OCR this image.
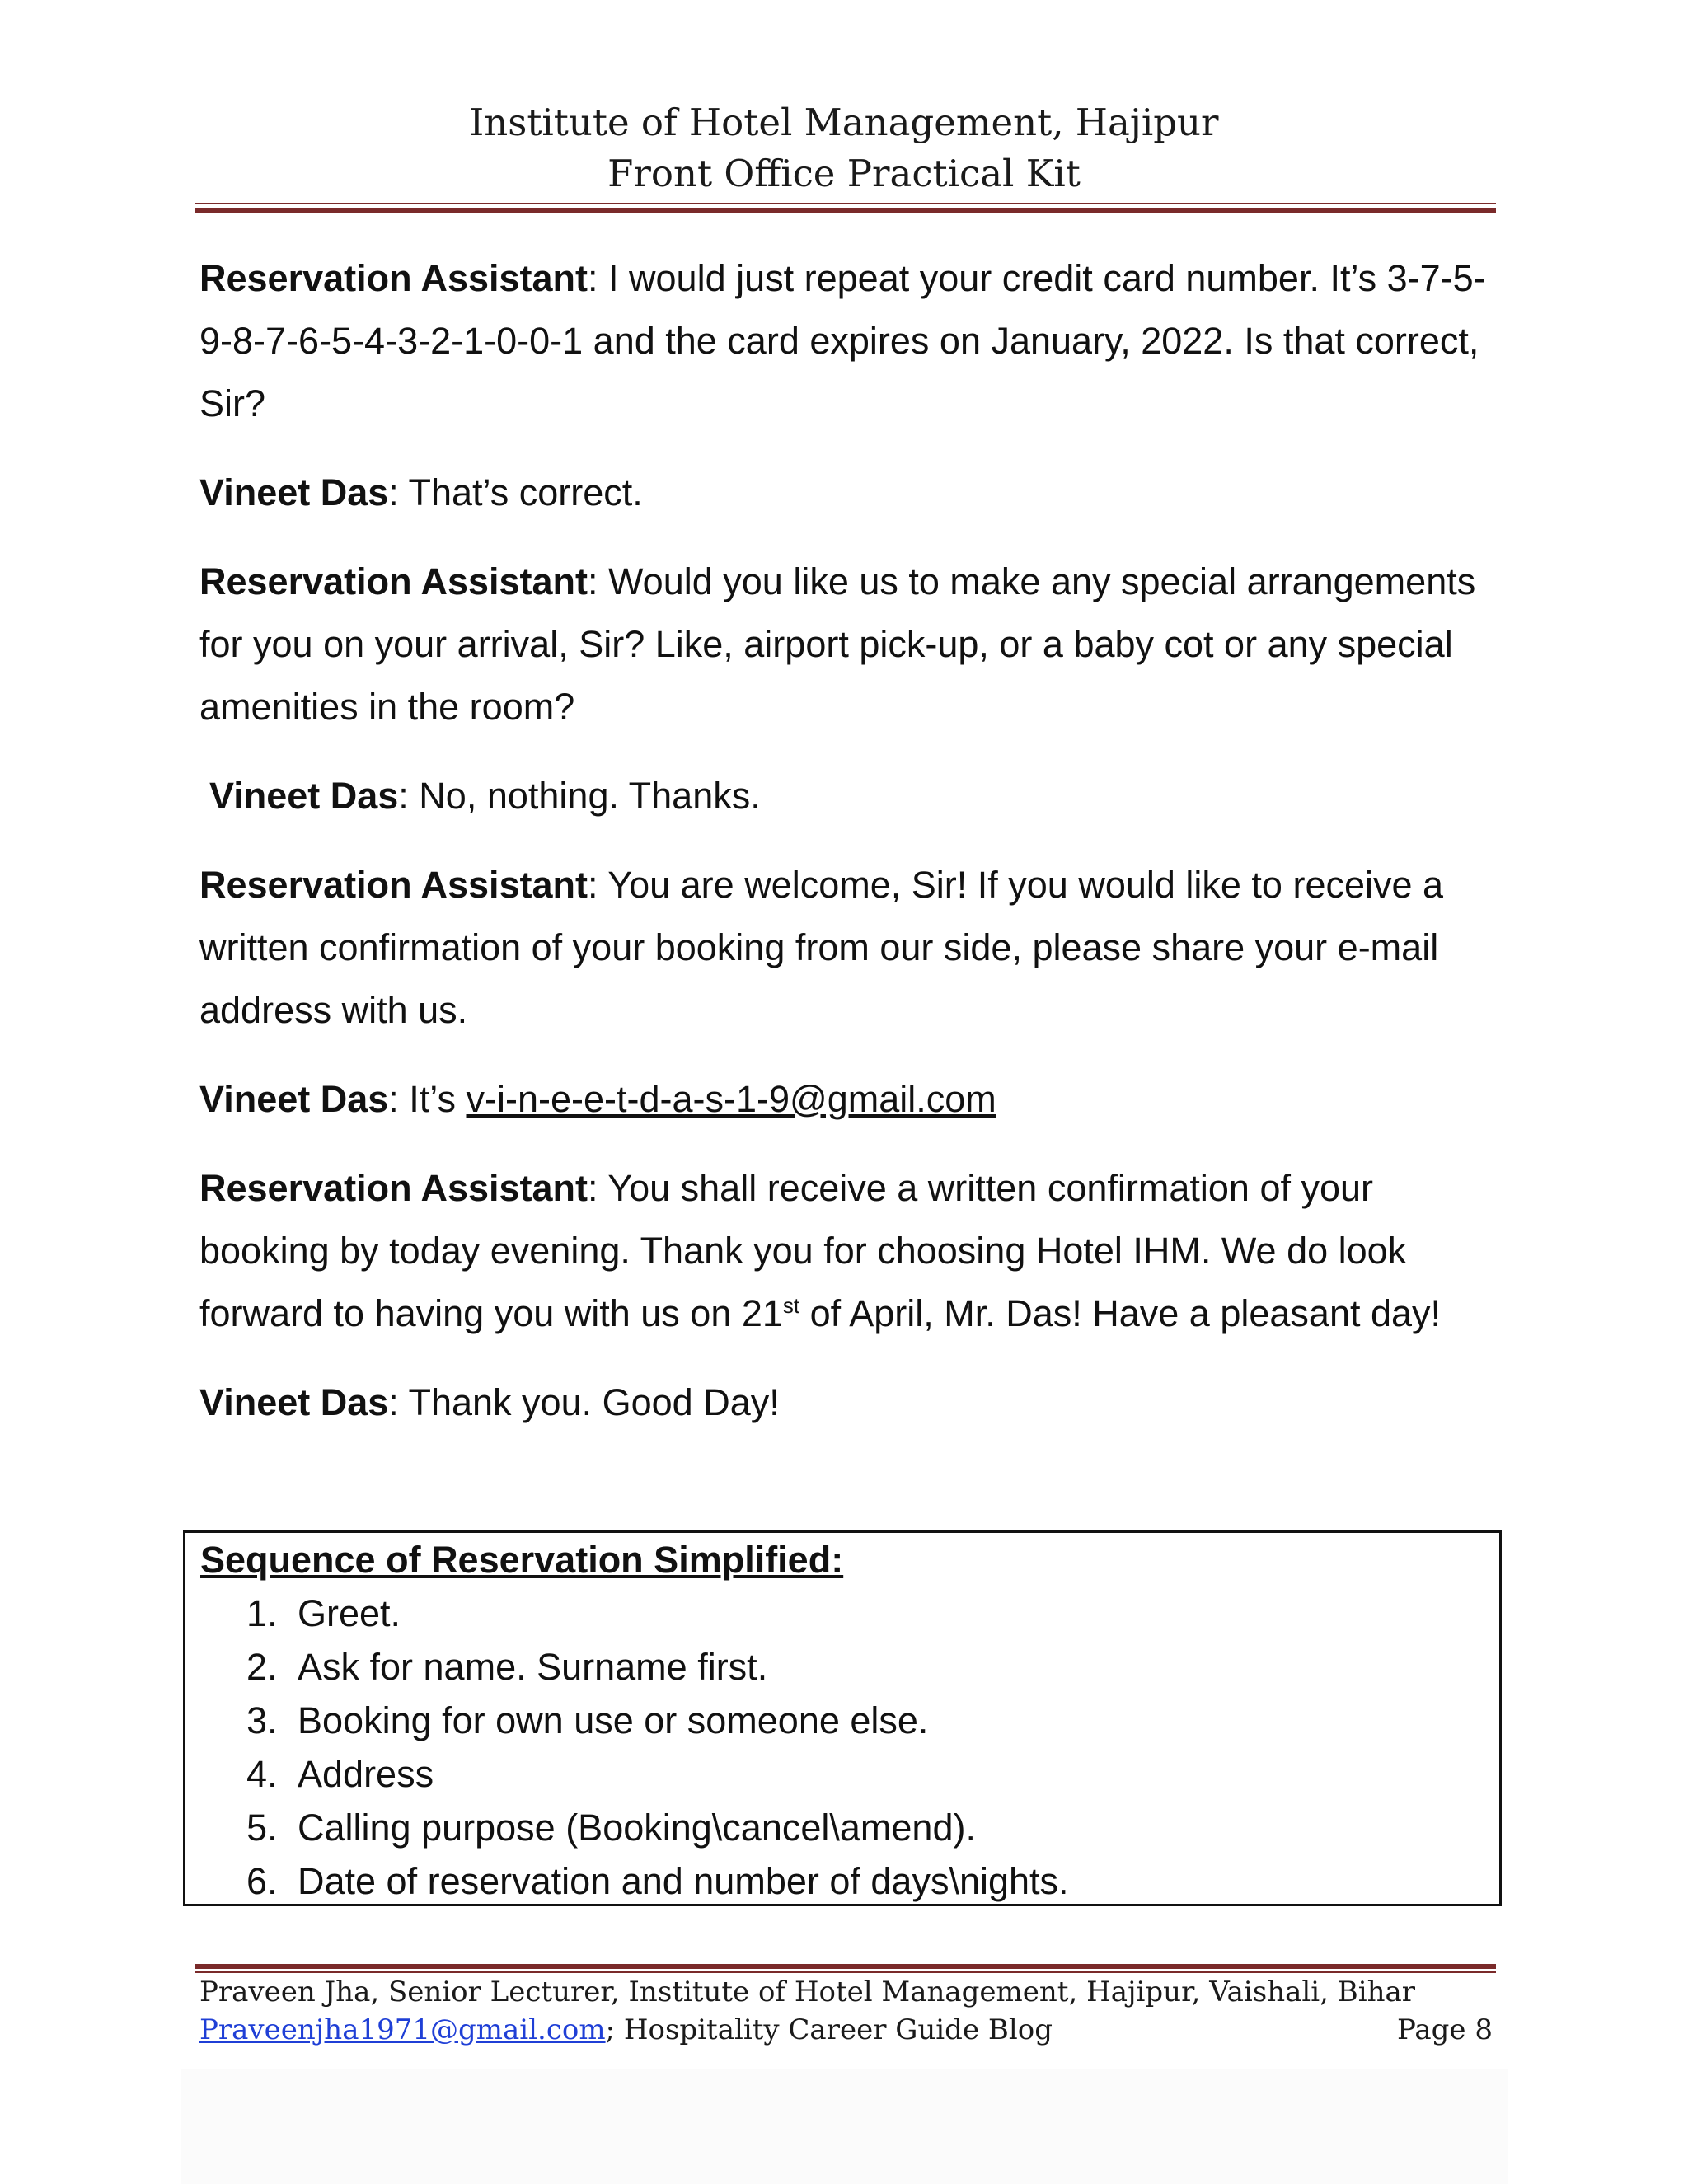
Institute of Hotel Management, Hajipur
Front Office Practical Kit

Reservation Assistant: I would just repeat your credit card number. It’s 3-7-5-9-8-7-6-5-4-3-2-1-0-0-1 and the card expires on January, 2022. Is that correct, Sir?

Vineet Das: That’s correct.

Reservation Assistant: Would you like us to make any special arrangements for you on your arrival, Sir? Like, airport pick-up, or a baby cot or any special amenities in the room?

Vineet Das: No, nothing. Thanks.

Reservation Assistant: You are welcome, Sir! If you would like to receive a written confirmation of your booking from our side, please share your e-mail address with us.

Vineet Das: It’s v-i-n-e-e-t-d-a-s-1-9@gmail.com

Reservation Assistant: You shall receive a written confirmation of your booking by today evening. Thank you for choosing Hotel IHM. We do look forward to having you with us on 21st of April, Mr. Das! Have a pleasant day!

Vineet Das: Thank you. Good Day!

Sequence of Reservation Simplified:
1. Greet.
2. Ask for name. Surname first.
3. Booking for own use or someone else.
4. Address
5. Calling purpose (Booking\cancel\amend).
6. Date of reservation and number of days\nights.
Praveen Jha, Senior Lecturer, Institute of Hotel Management, Hajipur, Vaishali, Bihar
Praveenjha1971@gmail.com; Hospitality Career Guide Blog	Page 8
